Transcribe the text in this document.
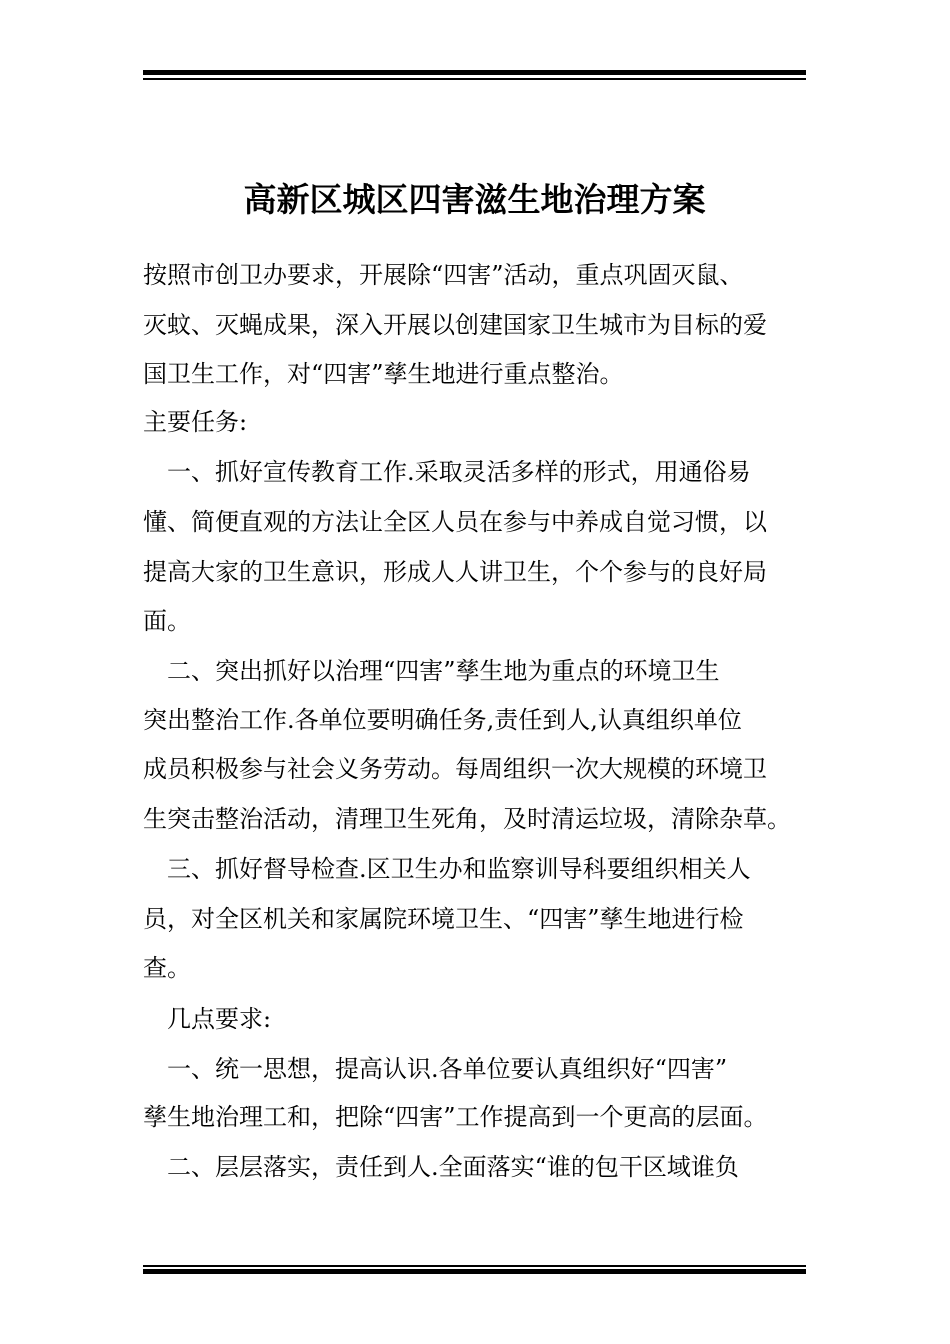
高新区城区四害滋生地治理方案
按照市创卫办要求，开展除“四害”活动，重点巩固灭鼠、
灭蚊、灭蝇成果，深入开展以创建国家卫生城市为目标的爱
国卫生工作，对“四害”孳生地进行重点整治。
主要任务:
　一、抓好宣传教育工作.采取灵活多样的形式，用通俗易
懂、简便直观的方法让全区人员在参与中养成自觉习惯，以
提高大家的卫生意识，形成人人讲卫生，个个参与的良好局
面。
　二、突出抓好以治理“四害”孳生地为重点的环境卫生
突出整治工作.各单位要明确任务,责任到人,认真组织单位
成员积极参与社会义务劳动。每周组织一次大规模的环境卫
生突击整治活动，清理卫生死角，及时清运垃圾，清除杂草。
　三、抓好督导检查.区卫生办和监察训导科要组织相关人
员，对全区机关和家属院环境卫生、“四害”孳生地进行检
查。
　几点要求:
　一、统一思想，提高认识.各单位要认真组织好“四害”
孳生地治理工和，把除“四害”工作提高到一个更高的层面。
　二、层层落实，责任到人.全面落实“谁的包干区域谁负
